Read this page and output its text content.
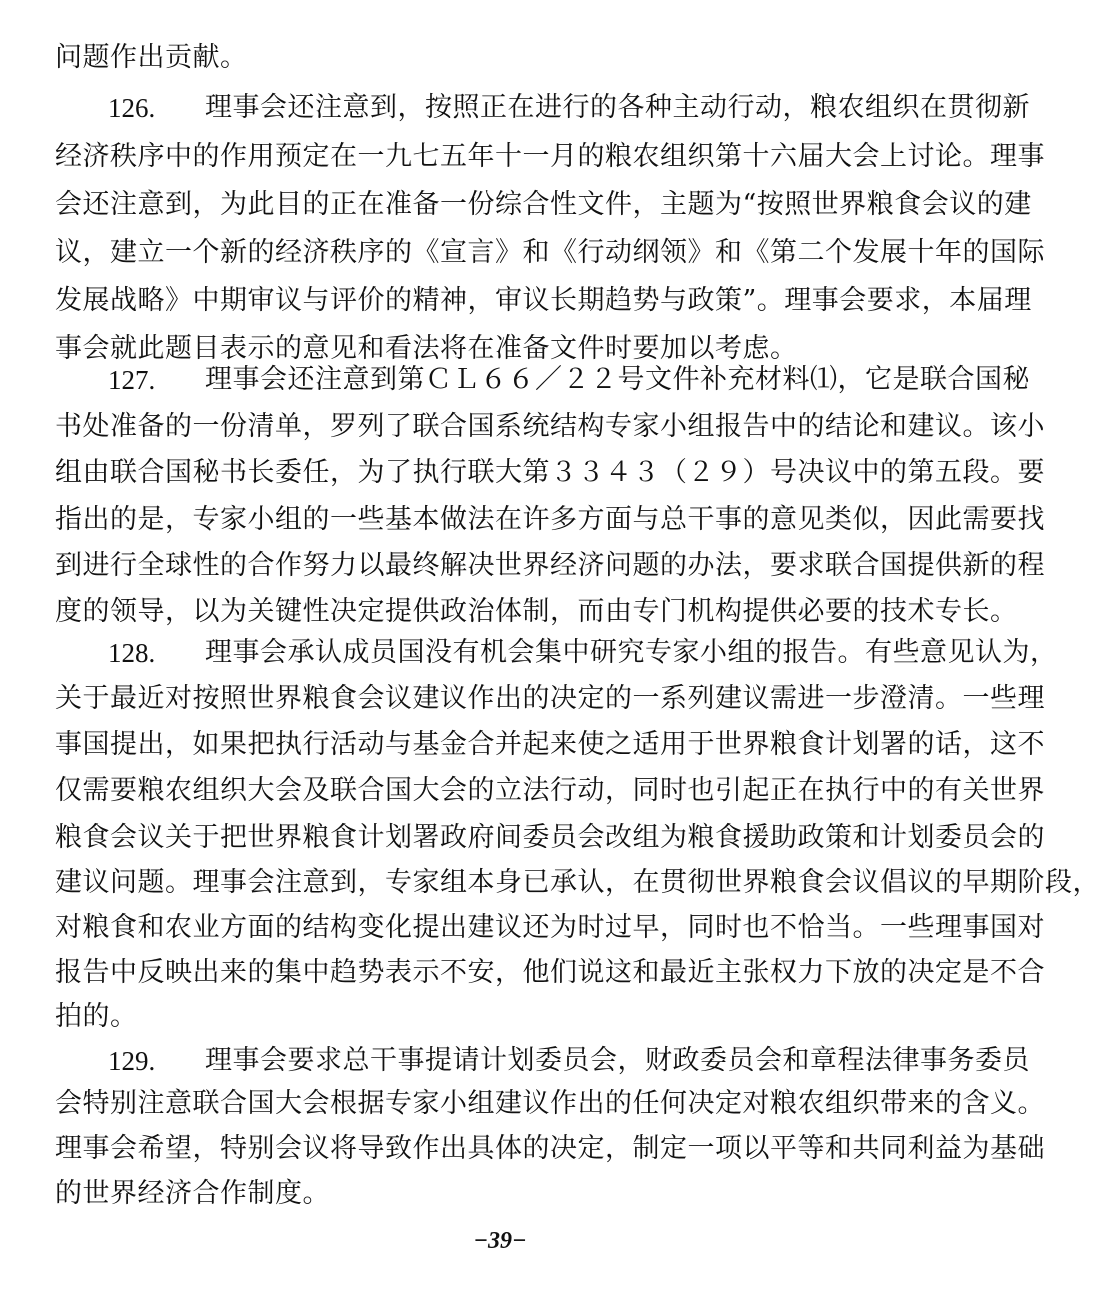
问题作出贡献。
126.	理事会还注意到，按照正在进行的各种主动行动，粮农组织在贯彻新
经济秩序中的作用预定在一九七五年十一月的粮农组织第十六届大会上讨论。理事
会还注意到，为此目的正在准备一份综合性文件，主题为“按照世界粮食会议的建
议，建立一个新的经济秩序的《宣言》和《行动纲领》和《第二个发展十年的国际
发展战略》中期审议与评价的精神，审议长期趋势与政策”。理事会要求，本届理
事会就此题目表示的意见和看法将在准备文件时要加以考虑。
127.	理事会还注意到第ＣＬ６６／２２号文件补充材料⑴，它是联合国秘
书处准备的一份清单，罗列了联合国系统结构专家小组报告中的结论和建议。该小
组由联合国秘书长委任，为了执行联大第３３４３（２９）号决议中的第五段。要
指出的是，专家小组的一些基本做法在许多方面与总干事的意见类似，因此需要找
到进行全球性的合作努力以最终解决世界经济问题的办法，要求联合国提供新的程
度的领导，以为关键性决定提供政治体制，而由专门机构提供必要的技术专长。
128.	理事会承认成员国没有机会集中研究专家小组的报告。有些意见认为，
关于最近对按照世界粮食会议建议作出的决定的一系列建议需进一步澄清。一些理
事国提出，如果把执行活动与基金合并起来使之适用于世界粮食计划署的话，这不
仅需要粮农组织大会及联合国大会的立法行动，同时也引起正在执行中的有关世界
粮食会议关于把世界粮食计划署政府间委员会改组为粮食援助政策和计划委员会的
建议问题。理事会注意到，专家组本身已承认，在贯彻世界粮食会议倡议的早期阶段，
对粮食和农业方面的结构变化提出建议还为时过早，同时也不恰当。一些理事国对
报告中反映出来的集中趋势表示不安，他们说这和最近主张权力下放的决定是不合
拍的。
129.	理事会要求总干事提请计划委员会，财政委员会和章程法律事务委员
会特别注意联合国大会根据专家小组建议作出的任何决定对粮农组织带来的含义。
理事会希望，特别会议将导致作出具体的决定，制定一项以平等和共同利益为基础
的世界经济合作制度。
−39−
